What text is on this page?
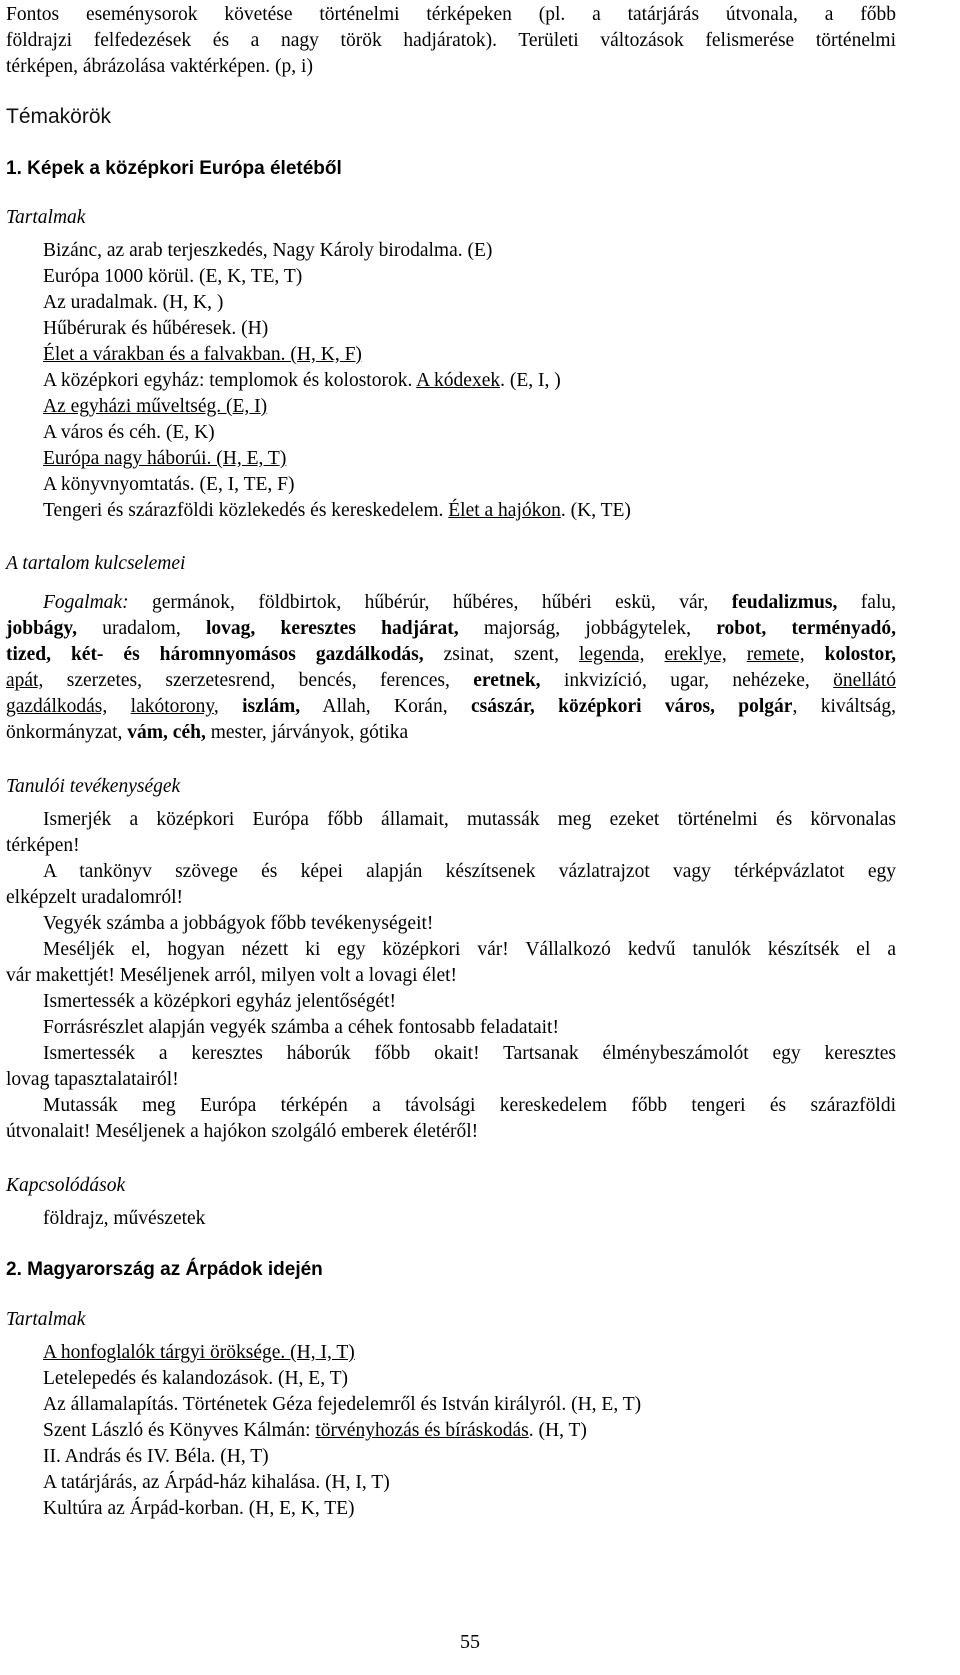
Fontos eseménysorok követése történelmi térképeken (pl. a tatárjárás útvonala, a főbb
földrajzi felfedezések és a nagy török hadjáratok). Területi változások felismerése történelmi
térképen, ábrázolása vaktérképen. (p, i)
Témakörök
1. Képek a középkori Európa életéből
Tartalmak
Bizánc, az arab terjeszkedés, Nagy Károly birodalma. (E)
Európa 1000 körül. (E, K, TE, T)
Az uradalmak. (H, K, )
Hűbérurak és hűbéresek. (H)
Élet a várakban és a falvakban. (H, K, F)
A középkori egyház: templomok és kolostorok. A kódexek. (E, I, )
Az egyházi műveltség. (E, I)
A város és céh. (E, K)
Európa nagy háborúi. (H, E, T)
A könyvnyomtatás. (E, I, TE, F)
Tengeri és szárazföldi közlekedés és kereskedelem. Élet a hajókon. (K, TE)
A tartalom kulcselemei
Fogalmak: germánok, földbirtok, hűbérúr, hűbéres, hűbéri eskü, vár, feudalizmus, falu,
jobbágy, uradalom, lovag, keresztes hadjárat, majorság, jobbágytelek, robot, terményadó,
tized, két- és háromnyomásos gazdálkodás, zsinat, szent, legenda, ereklye, remete, kolostor,
apát, szerzetes, szerzetesrend, bencés, ferences, eretnek, inkvizíció, ugar, nehézeke, önellátó
gazdálkodás, lakótorony, iszlám, Allah, Korán, császár, középkori város, polgár, kiváltság,
önkormányzat, vám, céh, mester, járványok, gótika
Tanulói tevékenységek
Ismerjék a középkori Európa főbb államait, mutassák meg ezeket történelmi és körvonalas
térképen!
A tankönyv szövege és képei alapján készítsenek vázlatrajzot vagy térképvázlatot egy
elképzelt uradalomról!
Vegyék számba a jobbágyok főbb tevékenységeit!
Meséljék el, hogyan nézett ki egy középkori vár! Vállalkozó kedvű tanulók készítsék el a
vár makettjét! Meséljenek arról, milyen volt a lovagi élet!
Ismertessék a középkori egyház jelentőségét!
Forrásrészlet alapján vegyék számba a céhek fontosabb feladatait!
Ismertessék a keresztes háborúk főbb okait! Tartsanak élménybeszámolót egy keresztes
lovag tapasztalatairól!
Mutassák meg Európa térképén a távolsági kereskedelem főbb tengeri és szárazföldi
útvonalait! Meséljenek a hajókon szolgáló emberek életéről!
Kapcsolódások
földrajz, művészetek
2. Magyarország az Árpádok idején
Tartalmak
A honfoglalók tárgyi öröksége. (H, I, T)
Letelepedés és kalandozások. (H, E, T)
Az államalapítás. Történetek Géza fejedelemről és István királyról. (H, E, T)
Szent László és Könyves Kálmán: törvényhozás és bíráskodás. (H, T)
II. András és IV. Béla. (H, T)
A tatárjárás, az Árpád-ház kihalása. (H, I, T)
Kultúra az Árpád-korban. (H, E, K, TE)
55
